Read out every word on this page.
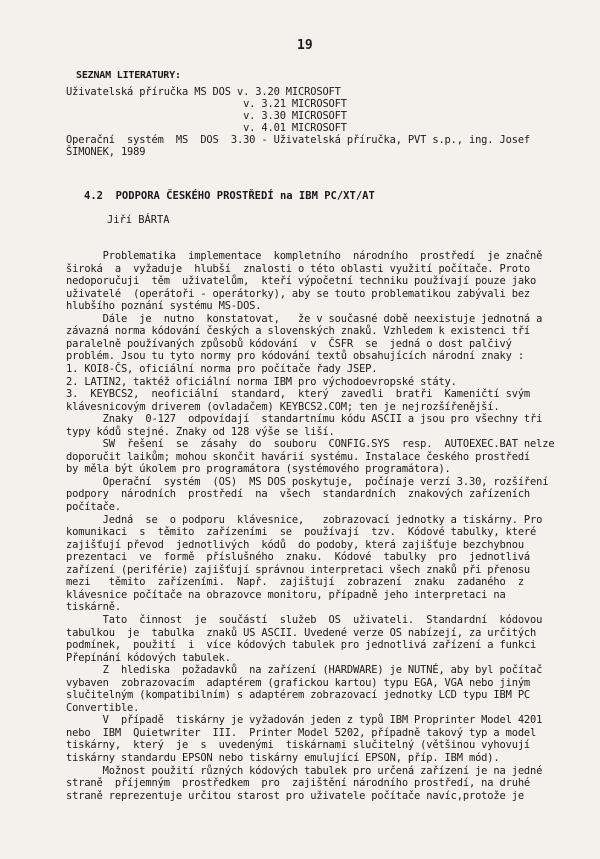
19
SEZNAM LITERATURY:
Uživatelská příručka MS DOS v. 3.20 MICROSOFT
v. 3.21 MICROSOFT
v. 3.30 MICROSOFT
v. 4.01 MICROSOFT
Operační  systém  MS  DOS  3.30 - Uživatelská příručka, PVT s.p., ing. Josef
ŠIMONEK, 1989
4.2  PODPORA ČESKÉHO PROSTŘEDÍ na IBM PC/XT/AT
Jiří BÁRTA
Problematika  implementace  kompletního  národního  prostředí  je značně
široká  a  vyžaduje  hlubší  znalosti o této oblasti využití počítače. Proto
nedoporučuji  těm  uživatelům,  kteří výpočetní techniku používají pouze jako
uživatelé  (operátoři - operátorky), aby se touto problematikou zabývali bez
hlubšího poznání systému MS-DOS.
Dále  je  nutno  konstatovat,   že v současné době neexistuje jednotná a
závazná norma kódování českých a slovenských znaků. Vzhledem k existenci tří
paralelně používaných způsobů kódování  v  ČSFR  se  jedná o dost palčivý
problém. Jsou tu tyto normy pro kódování textů obsahujících národní znaky :
1. KOI8-ČS, oficiální norma pro počítače řady JSEP.
2. LATIN2, taktéž oficiální norma IBM pro východoevropské státy.
3.  KEYBCS2,  neoficiální  standard,  který  zavedli  bratři  Kameničtí svým
klávesnicovým driverem (ovladačem) KEYBCS2.COM; ten je nejrozšířenější.
Znaky  0-127  odpovídají  standartnímu kódu ASCII a jsou pro všechny tři
typy kódů stejné. Znaky od 128 výše se liší.
SW  řešení  se  zásahy  do  souboru  CONFIG.SYS  resp.  AUTOEXEC.BAT nelze
doporučit laikům; mohou skončit havárií systému. Instalace českého prostředí
by měla být úkolem pro programátora (systémového programátora).
Operační  systém  (OS)  MS DOS poskytuje,  počínaje verzí 3.30, rozšíření
podpory  národních  prostředí  na  všech  standardních  znakových zařízeních
počítače.
Jedná  se  o podporu  klávesnice,   zobrazovací jednotky a tiskárny. Pro
komunikaci  s  těmito  zařízeními  se  používají  tzv.  Kódové tabulky, které
zajišťují převod  jednotlivých  kódů  do podoby, která zajišťuje bezchybnou
prezentaci  ve  formě  příslušného  znaku.  Kódové  tabulky  pro  jednotlivá
zařízení (periférie) zajišťují správnou interpretaci všech znaků při přenosu
mezi   těmito  zařízeními.  Např.  zajištují  zobrazení  znaku  zadaného  z
klávesnice počítače na obrazovce monitoru, případně jeho interpretaci na
tiskárně.
Tato  činnost  je  součástí  služeb  OS  uživateli.  Standardní  kódovou
tabulkou  je  tabulka  znaků US ASCII. Uvedené verze OS nabízejí, za určitých
podmínek,  použití  i  více kódových tabulek pro jednotlivá zařízení a funkci
Přepínání kódových tabulek.
Z  hlediska  požadavků  na zařízení (HARDWARE) je NUTNÉ, aby byl počítač
vybaven  zobrazovacím  adaptérem (grafickou kartou) typu EGA, VGA nebo jiným
slučitelným (kompatibilním) s adaptérem zobrazovací jednotky LCD typu IBM PC
Convertible.
V  případě  tiskárny je vyžadován jeden z typů IBM Proprinter Model 4201
nebo  IBM  Quietwriter  III.  Printer Model 5202, případně takový typ a model
tiskárny,  který  je  s  uvedenými  tiskárnami slučitelný (většinou vyhovují
tiskárny standardu EPSON nebo tiskárny emulující EPSON, příp. IBM mód).
Možnost použití různých kódových tabulek pro určená zařízení je na jedné
straně  příjemným  prostředkem  pro  zajištění národního prostředí, na druhé
straně reprezentuje určitou starost pro uživatele počítače navíc,protože je
